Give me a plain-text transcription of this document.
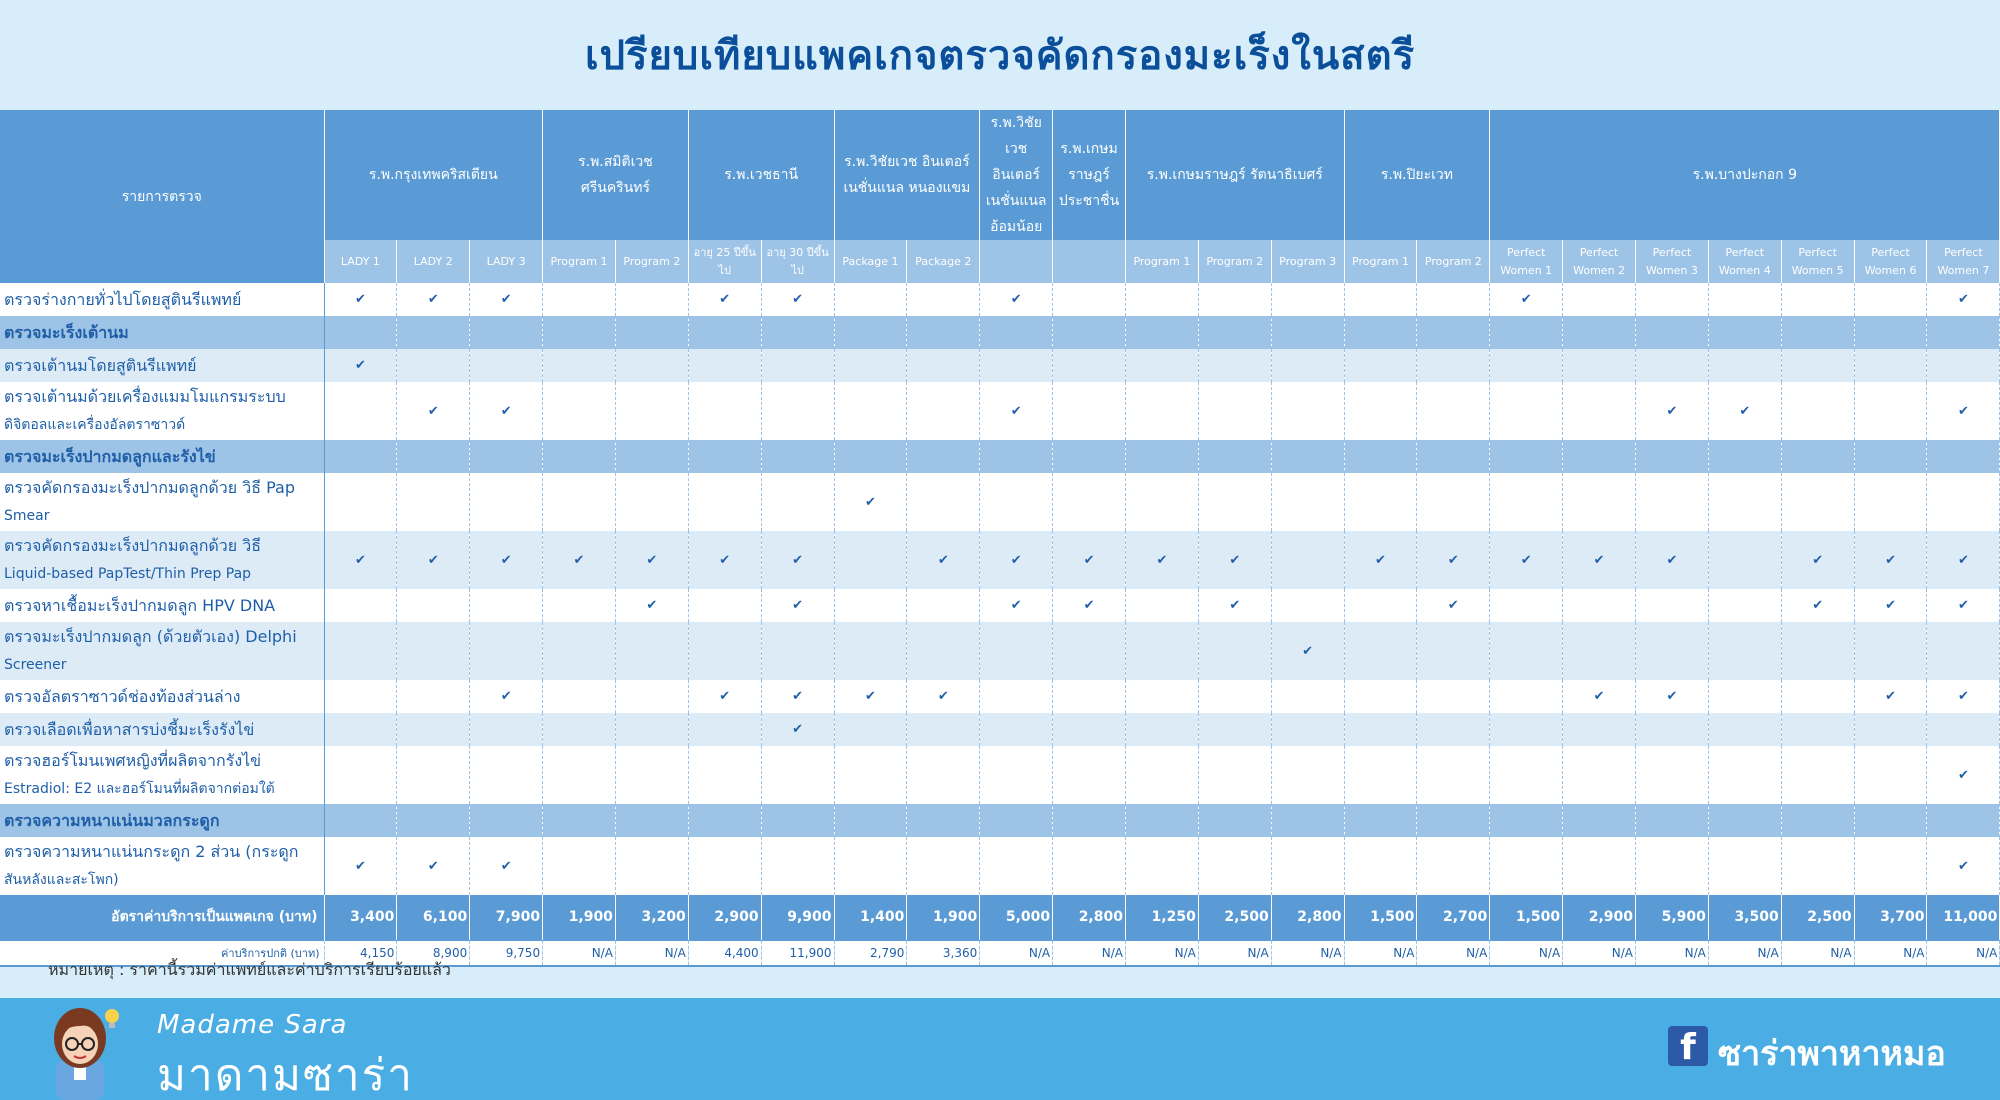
เปรียบเทียบแพคเกจตรวจคัดกรองมะเร็งในสตรี
รายการตรวจ	ร.พ.กรุงเทพคริสเตียน			ร.พ.สมิติเวช ศรีนครินทร์		ร.พ.เวชธานี		ร.พ.วิชัยเวช อินเตอร์เนชั่นแนล หนองแขม		ร.พ.วิชัยเวช อินเตอร์เนชั่นแนล อ้อมน้อย	ร.พ.เกษมราษฎร์ ประชาชื่น	ร.พ.เกษมราษฎร์ รัตนาธิเบศร์			ร.พ.ปิยะเวท		ร.พ.บางปะกอก 9						
	LADY 1	LADY 2	LADY 3	Program 1	Program 2	อายุ 25 ปีขึ้นไป	อายุ 30 ปีขึ้นไป	Package 1	Package 2			Program 1	Program 2	Program 3	Program 1	Program 2	Perfect Women 1	Perfect Women 2	Perfect Women 3	Perfect Women 4	Perfect Women 5	Perfect Women 6	Perfect Women 7

ตรวจร่างกายทั่วไปโดยสูตินรีแพทย์	✔	✔	✔			✔	✔			✔							✔						✔

ตรวจมะเร็งเต้านม																							

ตรวจเต้านมโดยสูตินรีแพทย์	✔																						

ตรวจเต้านมด้วยเครื่องแมมโมแกรมระบบ
ดิจิตอลและเครื่องอัลตราซาวด์		✔	✔							✔									✔	✔			✔

ตรวจมะเร็งปากมดลูกและรังไข่																							

ตรวจคัดกรองมะเร็งปากมดลูกด้วย วิธี Pap
Smear								✔															

ตรวจคัดกรองมะเร็งปากมดลูกด้วย วิธี
Liquid-based PapTest/Thin Prep Pap	✔	✔	✔	✔	✔	✔	✔		✔	✔	✔	✔	✔		✔	✔	✔	✔	✔		✔	✔	✔

ตรวจหาเชื้อมะเร็งปากมดลูก HPV DNA					✔		✔			✔	✔		✔			✔					✔	✔	✔

ตรวจมะเร็งปากมดลูก (ด้วยตัวเอง) Delphi
Screener														✔									

ตรวจอัลตราซาวด์ช่องท้องส่วนล่าง			✔			✔	✔	✔	✔									✔	✔			✔	✔

ตรวจเลือดเพื่อหาสารบ่งชี้มะเร็งรังไข่							✔																

ตรวจฮอร์โมนเพศหญิงที่ผลิตจากรังไข่
Estradiol: E2 และฮอร์โมนที่ผลิตจากต่อมใต้																							✔

ตรวจความหนาแน่นมวลกระดูก																							

ตรวจความหนาแน่นกระดูก 2 ส่วน (กระดูก
สันหลังและสะโพก)	✔	✔	✔																				✔
อัตราค่าบริการเป็นแพคเกจ (บาท)	3,400	6,100	7,900	1,900	3,200	2,900	9,900	1,400	1,900	5,000	2,800	1,250	2,500	2,800	1,500	2,700	1,500	2,900	5,900	3,500	2,500	3,700	11,000
ค่าบริการปกติ (บาท)	4,150	8,900	9,750	N/A	N/A	4,400	11,900	2,790	3,360	N/A	N/A	N/A	N/A	N/A	N/A	N/A	N/A	N/A	N/A	N/A	N/A	N/A	N/A
หมายเหตุ : ราคานี้รวมค่าแพทย์และค่าบริการเรียบร้อยแล้ว
Madame Sara
มาดามซาร่า
f ซาร่าพาหาหมอ
